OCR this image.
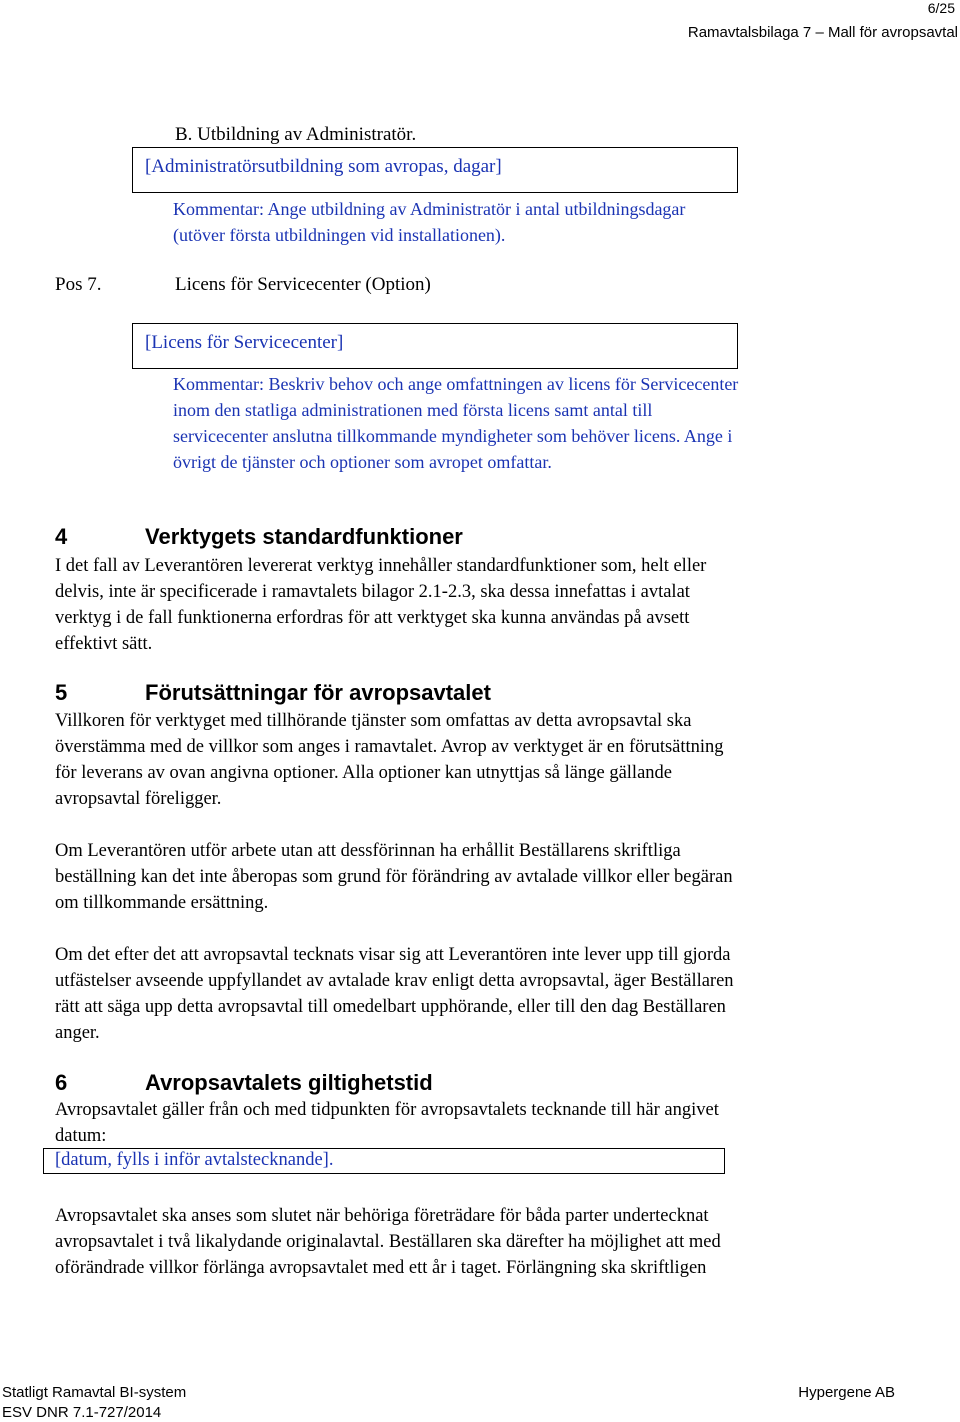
6/25
Ramavtalsbilaga 7 – Mall för avropsavtal
B. Utbildning av Administratör.
[Administratörsutbildning som avropas, dagar]
Kommentar: Ange utbildning av Administratör i antal utbildningsdagar
(utöver första utbildningen vid installationen).
Pos 7.	Licens för Servicecenter (Option)
[Licens för Servicecenter]
Kommentar: Beskriv behov och ange omfattningen av licens för Servicecenter
inom den statliga administrationen med första licens samt antal till
servicecenter anslutna tillkommande myndigheter som behöver licens. Ange i
övrigt de tjänster och optioner som avropet omfattar.
4	Verktygets standardfunktioner
I det fall av Leverantören levererat verktyg innehåller standardfunktioner som, helt eller
delvis, inte är specificerade i ramavtalets bilagor 2.1-2.3, ska dessa innefattas i avtalat
verktyg i de fall funktionerna erfordras för att verktyget ska kunna användas på avsett
effektivt sätt.
5	Förutsättningar för avropsavtalet
Villkoren för verktyget med tillhörande tjänster som omfattas av detta avropsavtal ska
överstämma med de villkor som anges i ramavtalet. Avrop av verktyget är en förutsättning
för leverans av ovan angivna optioner. Alla optioner kan utnyttjas så länge gällande
avropsavtal föreligger.
Om Leverantören utför arbete utan att dessförinnan ha erhållit Beställarens skriftliga
beställning kan det inte åberopas som grund för förändring av avtalade villkor eller begäran
om tillkommande ersättning.
Om det efter det att avropsavtal tecknats visar sig att Leverantören inte lever upp till gjorda
utfästelser avseende uppfyllandet av avtalade krav enligt detta avropsavtal, äger Beställaren
rätt att säga upp detta avropsavtal till omedelbart upphörande, eller till den dag Beställaren
anger.
6	Avropsavtalets giltighetstid
Avropsavtalet gäller från och med tidpunkten för avropsavtalets tecknande till här angivet
datum:
[datum, fylls i inför avtalstecknande].
Avropsavtalet ska anses som slutet när behöriga företrädare för båda parter undertecknat
avropsavtalet i två likalydande originalavtal. Beställaren ska därefter ha möjlighet att med
oförändrade villkor förlänga avropsavtalet med ett år i taget. Förlängning ska skriftligen
Statligt Ramavtal BI-system
ESV DNR 7.1-727/2014
Hypergene AB
